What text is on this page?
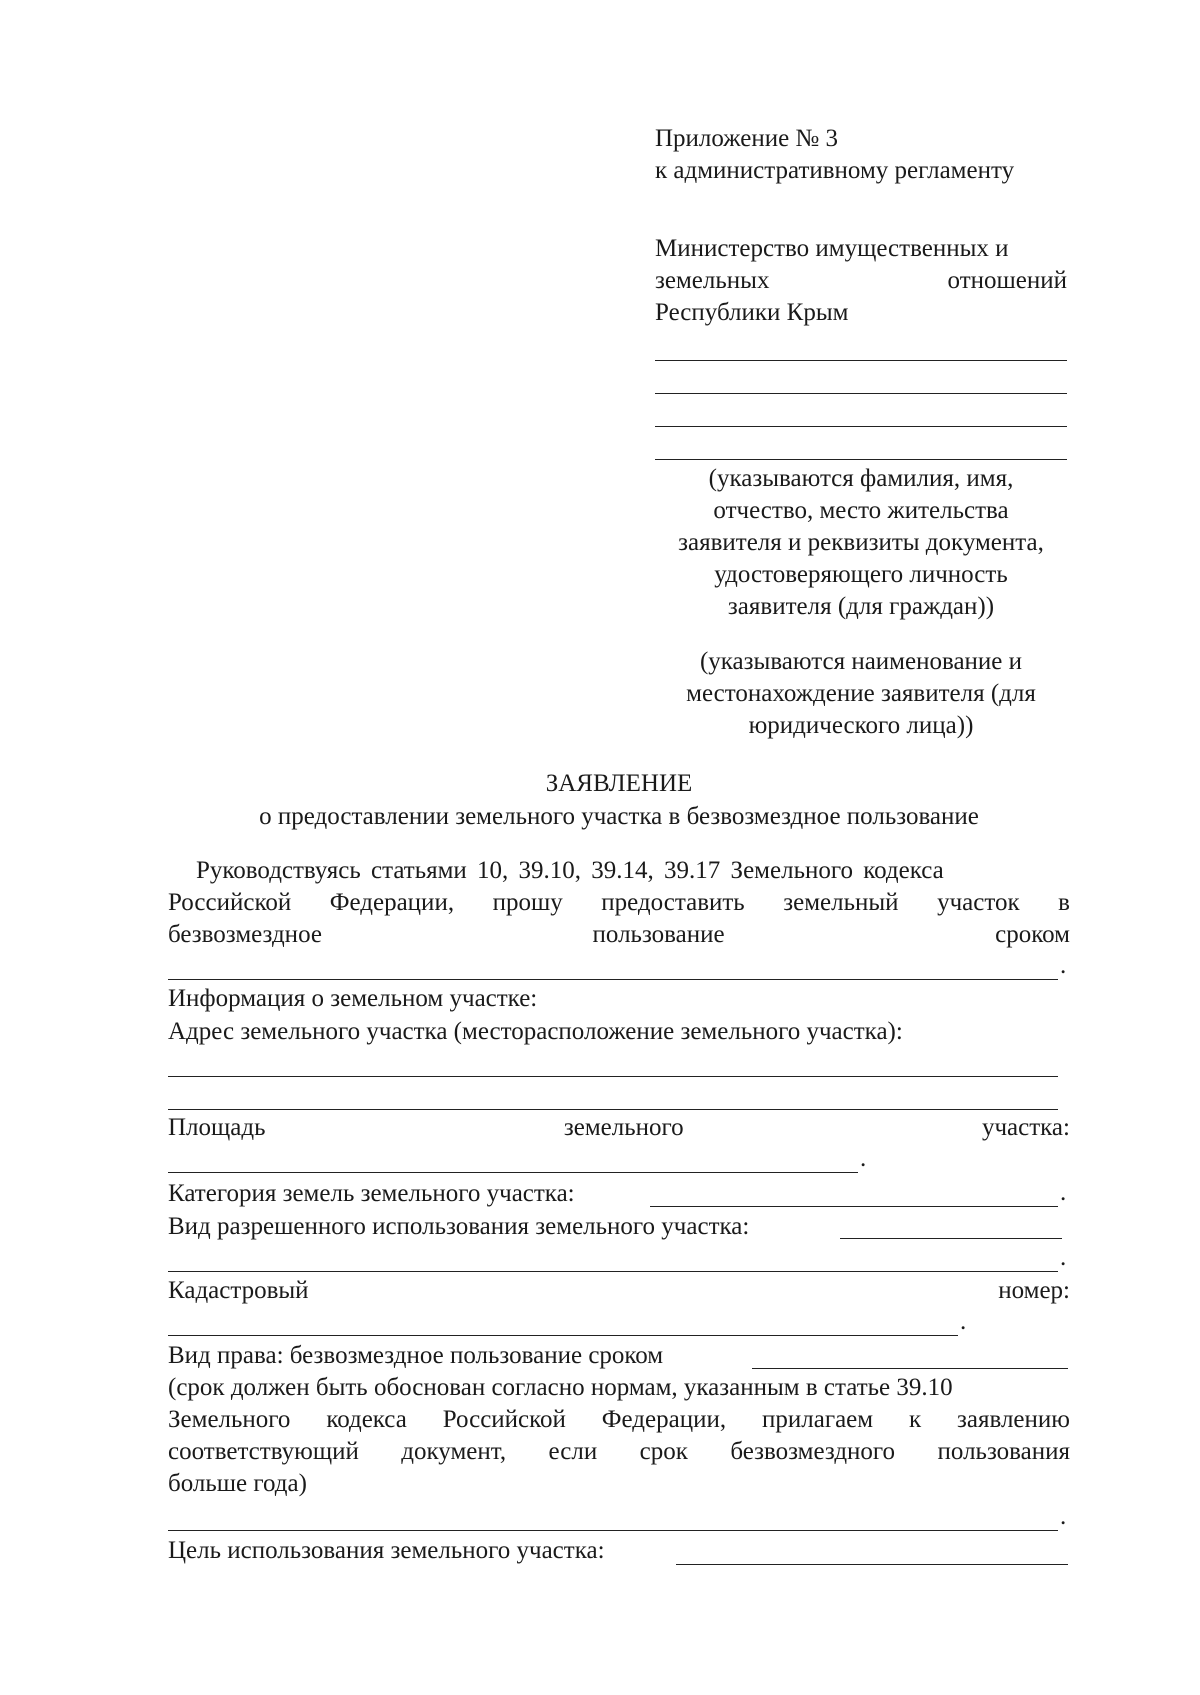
Приложение № 3
к административному регламенту
Министерство имущественных и
земельных	отношений
Республики Крым
(указываются фамилия, имя,
отчество, место жительства
заявителя и реквизиты документа,
удостоверяющего личность
заявителя (для граждан))
(указываются наименование и
местонахождение заявителя (для
юридического лица))
ЗАЯВЛЕНИЕ
о предоставлении земельного участка в безвозмездное пользование
Руководствуясь статьями 10, 39.10, 39.14, 39.17 Земельного кодекса
Российской Федерации, прошу предоставить земельный участок в
безвозмездное	пользование	сроком
.
Информация о земельном участке:
Адрес земельного участка (месторасположение земельного участка):
Площадь	земельного	участка:
.
Категория земель земельного участка:	.
Вид разрешенного использования земельного участка:
.
Кадастровый	номер:
.
Вид права: безвозмездное пользование сроком
(срок должен быть обоснован согласно нормам, указанным в статье 39.10
Земельного кодекса Российской Федерации, прилагаем к заявлению
соответствующий документ, если срок безвозмездного пользования
больше года)
.
Цель использования земельного участка:
